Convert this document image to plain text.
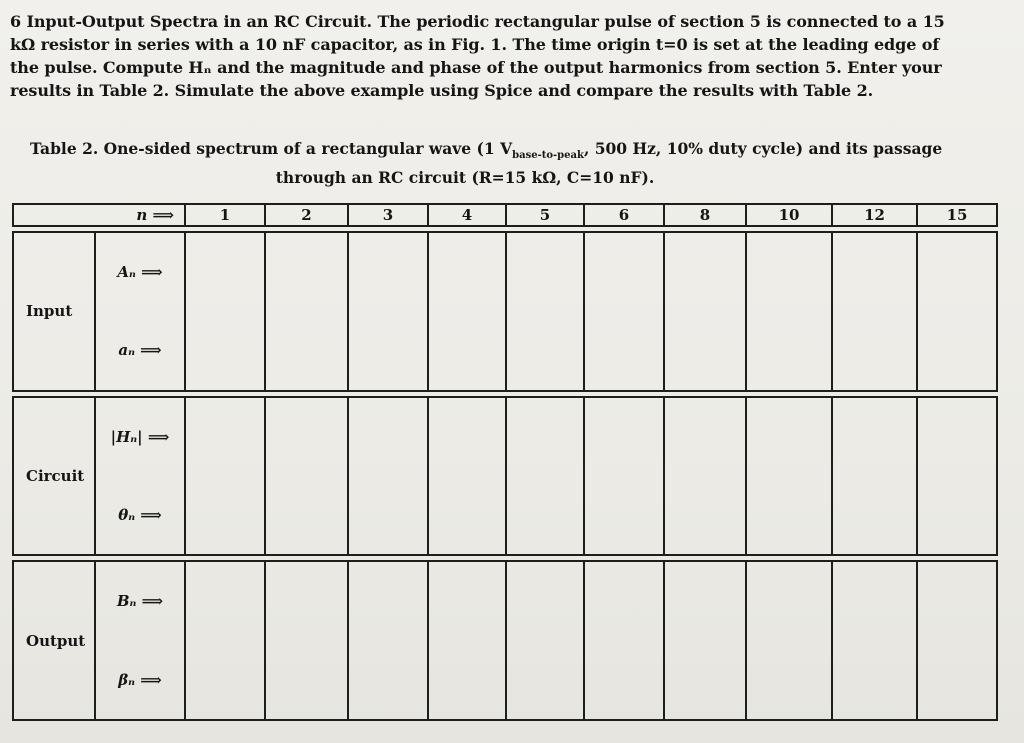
6 Input-Output Spectra in an RC Circuit. The periodic rectangular pulse of section 5 is connected to a 15 kΩ resistor in series with a 10 nF capacitor, as in Fig. 1. The time origin t=0 is set at the leading edge of the pulse. Compute Hₙ and the magnitude and phase of the output harmonics from section 5. Enter your results in Table 2. Simulate the above example using Spice and compare the results with Table 2.
Table 2. One-sided spectrum of a rectangular wave (1 $V_{base-to-peak}$, 500 Hz, 10% duty cycle) and its passage
through an RC circuit (R=15 kΩ, C=10 nF).
n ⟹		1	2	3	4	5	6	8	10	12	15

Input	Aₙ ⟹
aₙ ⟹										

Circuit	|Hₙ| ⟹
θₙ ⟹										

Output	Bₙ ⟹
βₙ ⟹										
